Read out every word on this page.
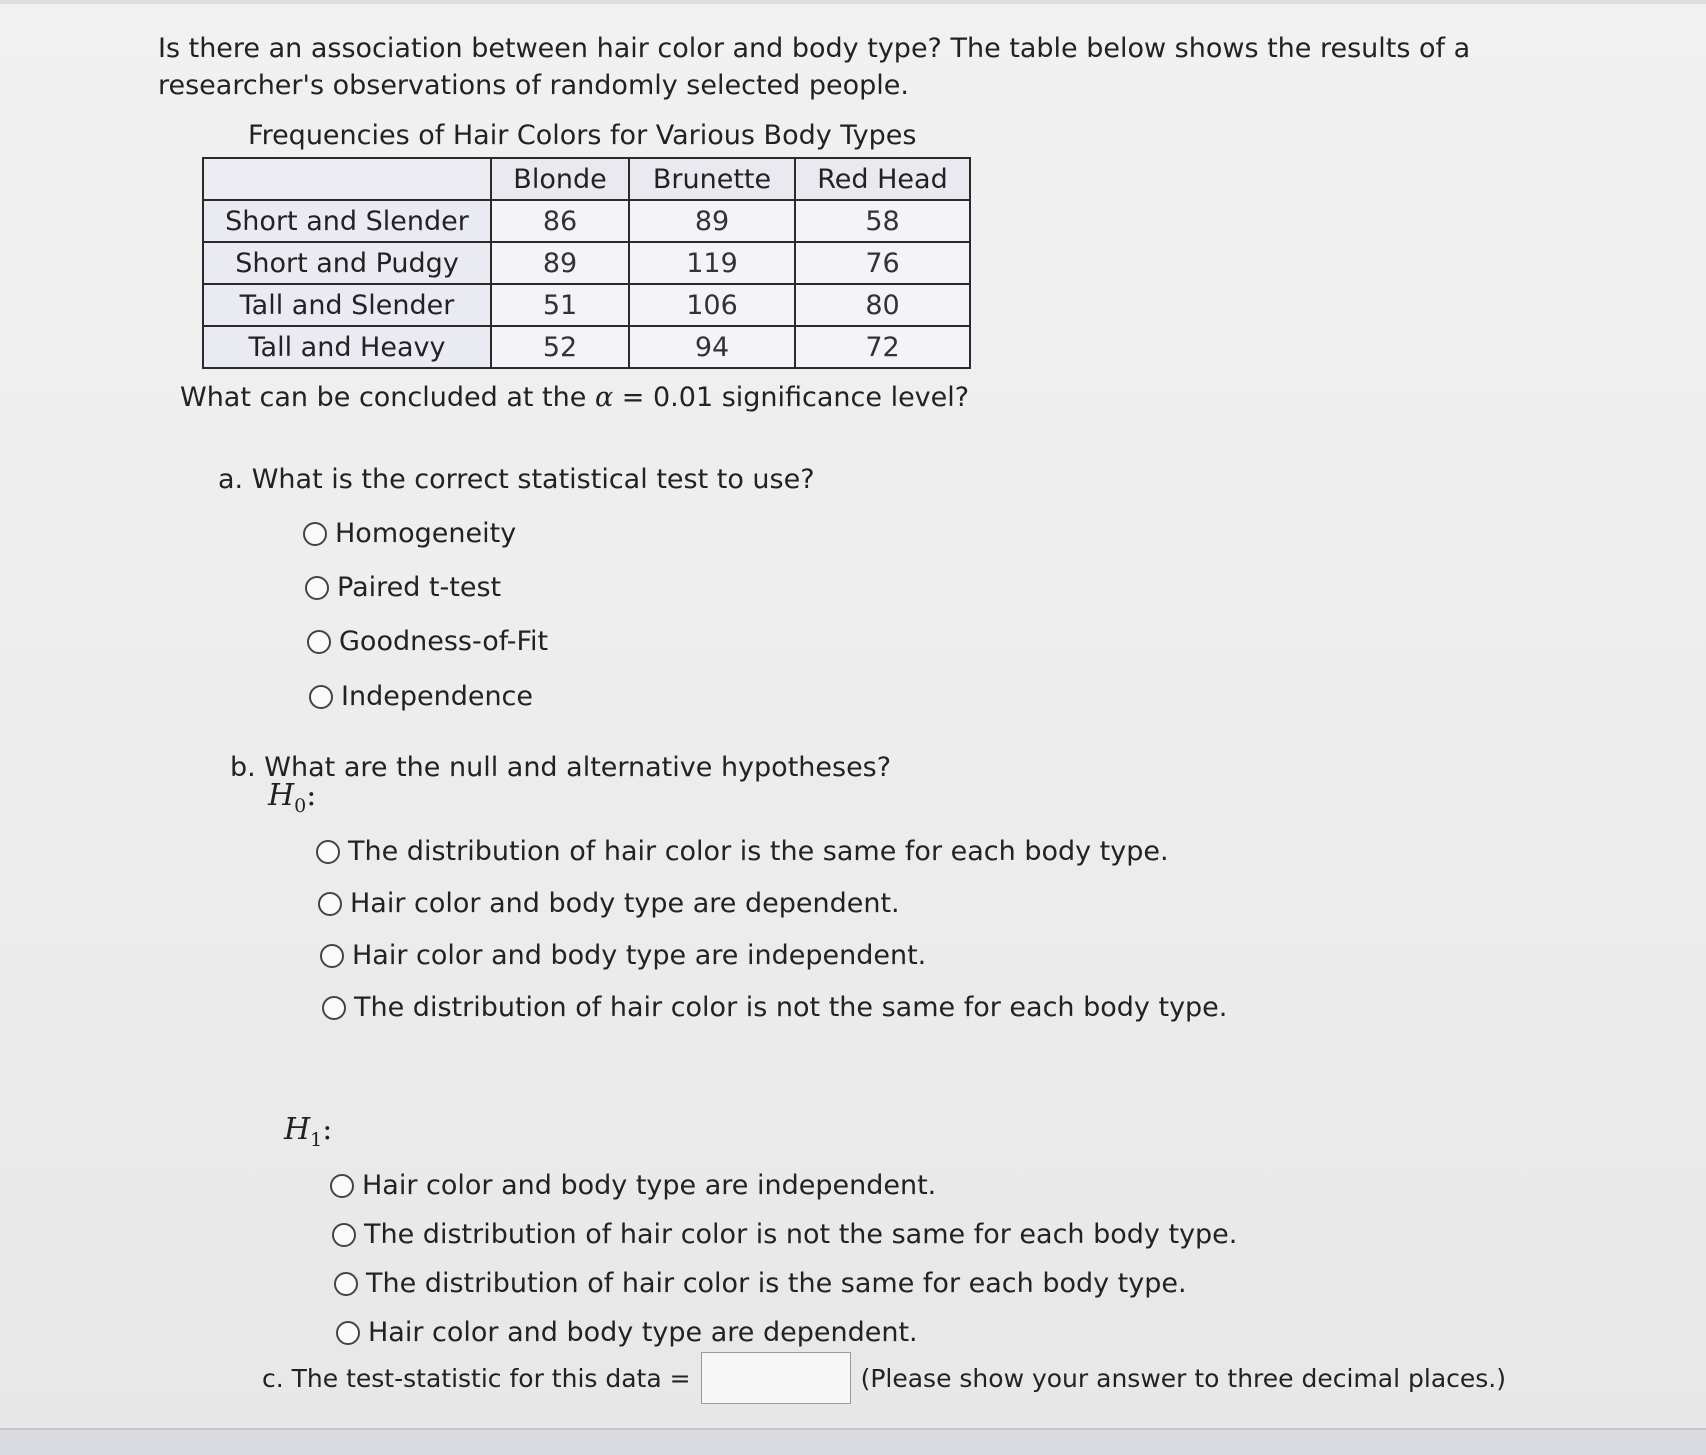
Is there an association between hair color and body type? The table below shows the results of a researcher's observations of randomly selected people.

Frequencies of Hair Colors for Various Body Types
	Blonde	Brunette	Red Head
Short and Slender	86	89	58
Short and Pudgy	89	119	76
Tall and Slender	51	106	80
Tall and Heavy	52	94	72
What can be concluded at the α = 0.01 significance level?
a. What is the correct statistical test to use?
Homogeneity
Paired t-test
Goodness-of-Fit
Independence
b. What are the null and alternative hypotheses?
$H_0$:
The distribution of hair color is the same for each body type.
Hair color and body type are dependent.
Hair color and body type are independent.
The distribution of hair color is not the same for each body type.
$H_1$:
Hair color and body type are independent.
The distribution of hair color is not the same for each body type.
The distribution of hair color is the same for each body type.
Hair color and body type are dependent.
c. The test-statistic for this data =	(Please show your answer to three decimal places.)
